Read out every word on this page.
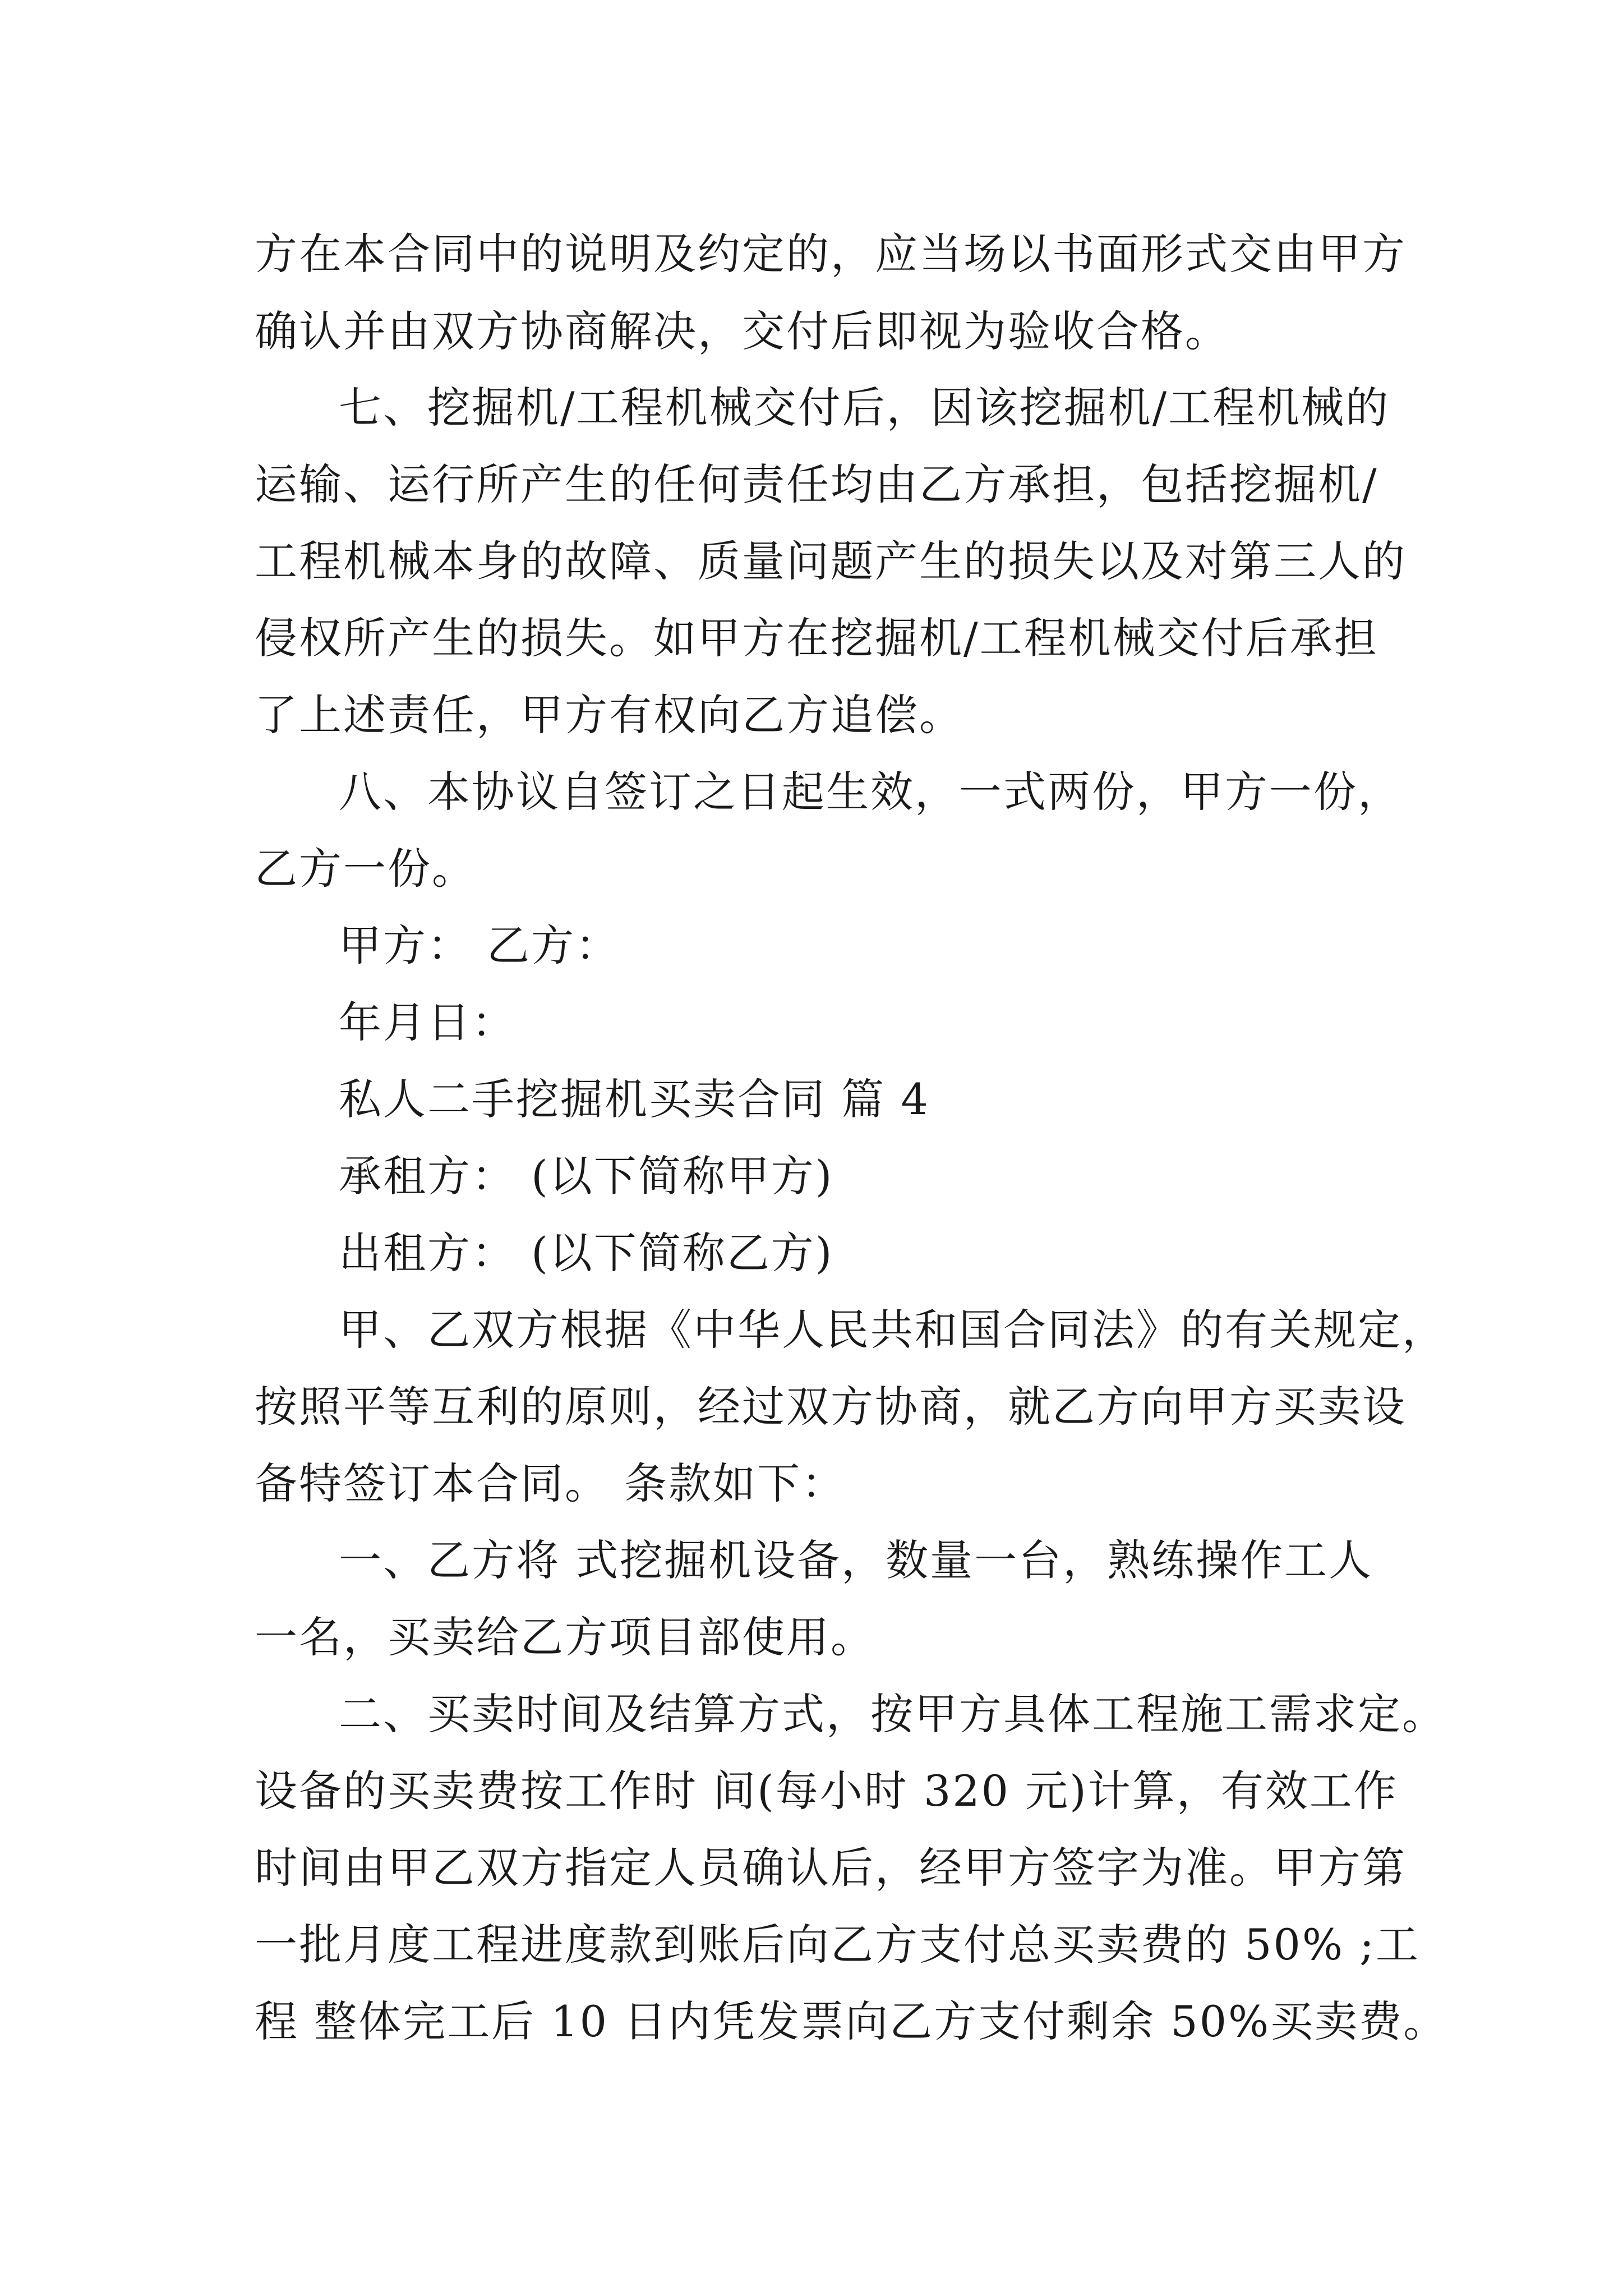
方在本合同中的说明及约定的，应当场以书面形式交由甲方
确认并由双方协商解决，交付后即视为验收合格。
七、挖掘机/工程机械交付后，因该挖掘机/工程机械的
运输、运行所产生的任何责任均由乙方承担，包括挖掘机/
工程机械本身的故障、质量问题产生的损失以及对第三人的
侵权所产生的损失。如甲方在挖掘机/工程机械交付后承担
了上述责任，甲方有权向乙方追偿。
八、本协议自签订之日起生效，一式两份，甲方一份，
乙方一份。
甲方： 乙方：
年月日：
私人二手挖掘机买卖合同 篇 4
承租方： (以下简称甲方)
出租方： (以下简称乙方)
甲、乙双方根据《中华人民共和国合同法》的有关规定，
按照平等互利的原则，经过双方协商，就乙方向甲方买卖设
备特签订本合同。 条款如下：
一、乙方将 式挖掘机设备，数量一台，熟练操作工人
一名，买卖给乙方项目部使用。
二、买卖时间及结算方式，按甲方具体工程施工需求定。
设备的买卖费按工作时 间(每小时 320 元)计算，有效工作
时间由甲乙双方指定人员确认后，经甲方签字为准。甲方第
一批月度工程进度款到账后向乙方支付总买卖费的 50% ;工
程 整体完工后 10 日内凭发票向乙方支付剩余 50%买卖费。
